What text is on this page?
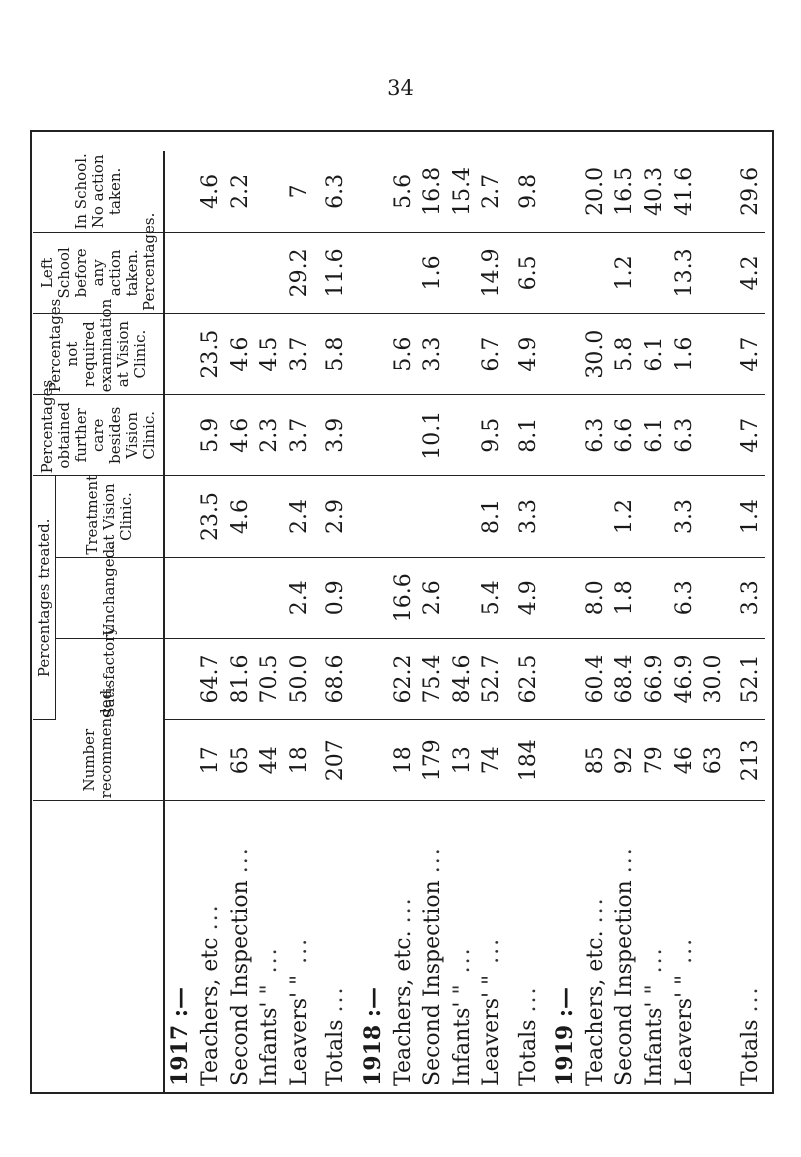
34
	Number recommended.	Percentages treated.			Percentages obtained further care besides Vision Clinic.	Percentages not required examination at Vision Clinic.	Left School before any action taken. Percentages.	In School. No action taken.
		Satisfactory.	Unchanged.	Treatment at Vision Clinic.				
1917 :—								
Teachers, etc ...	17	64.7		23.5	5.9	23.5		4.6
Second Inspection ...	65	81.6		4.6	4.6	4.6		2.2
Infants' " ...	44	70.5			2.3	4.5		
Leavers' " ...	18	50.0	2.4	2.4	3.7	3.7	29.2	7

Totals ...	207	68.6	0.9	2.9	3.9	5.8	11.6	6.3

1918 :—								
Teachers, etc. ...	18	62.2	16.6			5.6		5.6
Second Inspection ...	179	75.4	2.6		10.1	3.3	1.6	16.8
Infants' " ...	13	84.6						15.4
Leavers' " ...	74	52.7	5.4	8.1	9.5	6.7	14.9	2.7

Totals ...	184	62.5	4.9	3.3	8.1	4.9	6.5	9.8

1919 :—								
Teachers, etc. ...	85	60.4	8.0		6.3	30.0		20.0
Second Inspection ...	92	68.4	1.8	1.2	6.6	5.8	1.2	16.5
Infants' " ...	79	66.9			6.1	6.1		40.3
Leavers' " ...	46	46.9	6.3	3.3	6.3	1.6	13.3	41.6
	63	30.0						

Totals ...	213	52.1	3.3	1.4	4.7	4.7	4.2	29.6
